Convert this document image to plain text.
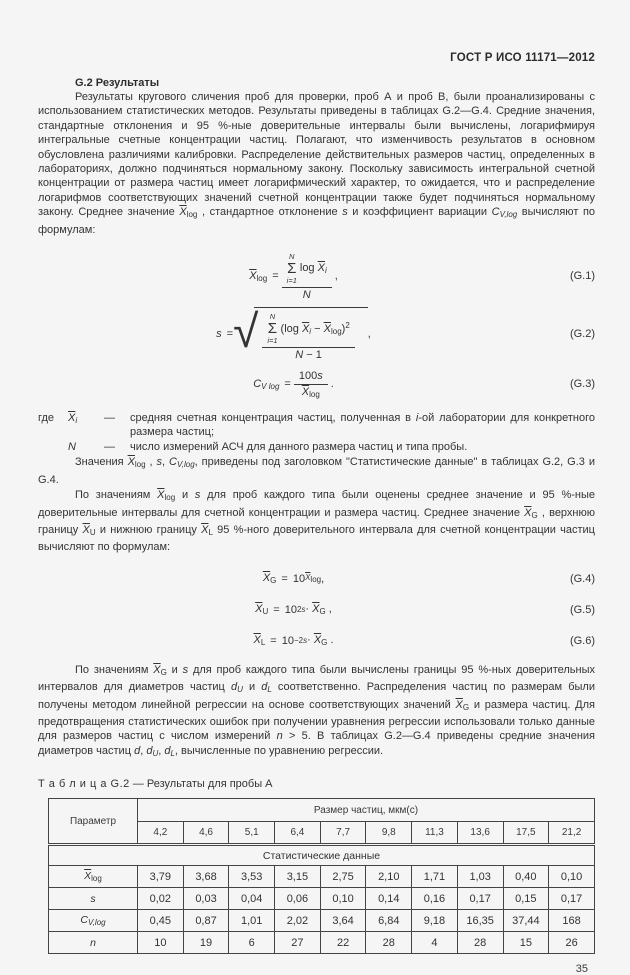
ГОСТ Р ИСО 11171—2012
G.2 Результаты
Результаты кругового сличения проб для проверки, проб А и проб В, были проанализированы с использованием статистических методов. Результаты приведены в таблицах G.2—G.4. Средние значения, стандартные отклонения и 95 %-ные доверительные интервалы были вычислены, логарифмируя интегральные счетные концентрации частиц. Полагают, что изменчивость результатов в основном обусловлена различиями калибровки. Распределение действительных размеров частиц, определенных в лабораториях, должно подчиняться нормальному закону. Поскольку зависимость интегральной счетной концентрации от размера частиц имеет логарифмический характер, то ожидается, что и распределение логарифмов соответствующих значений счетной концентрации также будет подчиняться нормальному закону. Среднее значение $\overline{X}\log$ , стандартное отклонение s и коэффициент вариации CV,log вычисляют по формулам:
$\overline{X}\log = N$
Σ
i=1
$\log \overline{X}i$
N ,	(G.1)
s = √ N
Σ
i=1
(log $\overline{X}i - \overline{X}\log)^2$
N − 1
,	(G.2)
CV $\log = \frac{100s}{\overline{X}\log}$ .	(G.3)
где	$\overline{X}i$	—	средняя счетная концентрация частиц, полученная в i-ой лаборатории для конкретного размера частиц;
N	—	число измерений АСЧ для данного размера частиц и типа пробы.
Значения $\overline{X}\log$ , s, CV,log, приведены под заголовком "Статистические данные" в таблицах G.2, G.3 и G.4.
По значениям $\overline{X}\log$ и s для проб каждого типа были оценены среднее значение и 95 %-ные доверительные интервалы для счетной концентрации и размера частиц. Среднее значение $\overline{X}G$ , верхнюю границу $\overline{X}U$ и нижнюю границу $\overline{X}L$ 95 %-ного доверительного интервала для счетной концентрации частиц вычисляют по формулам:
$\overline{X}G = 10$ $\overline{X}\log$ ,	(G.4)
$\overline{X}U = 10$ $2s \cdot \overline{X}G$ ,	(G.5)
$\overline{X}L = 10 -2s \cdot \overline{X}G$ .	(G.6)
По значениям $\overline{X}G$ и s для проб каждого типа были вычислены границы 95 %-ных доверительных интервалов для диаметров частиц dU и dL соответственно. Распределения частиц по размерам были получены методом линейной регрессии на основе соответствующих значений $\overline{X}G$ и размера частиц. Для предотвращения статистических ошибок при получении уравнения регрессии использовали только данные для размеров частиц с числом измерений n > 5. В таблицах G.2—G.4 приведены средние значения диаметров частиц d, dU, dL, вычисленные по уравнению регрессии.
Т а б л и ц а G.2 — Результаты для пробы А
Параметр	Размер частиц, мкм(с)									
	4,2	4,6	5,1	6,4	7,7	9,8	11,3	13,6	17,5	21,2
Статистические данные										
$\overline{X}\log$	3,79	3,68	3,53	3,15	2,75	2,10	1,71	1,03	0,40	0,10
s	0,02	0,03	0,04	0,06	0,10	0,14	0,16	0,17	0,15	0,17
CV,log	0,45	0,87	1,01	2,02	3,64	6,84	9,18	16,35	37,44	168
n	10	19	6	27	22	28	4	28	15	26
35
